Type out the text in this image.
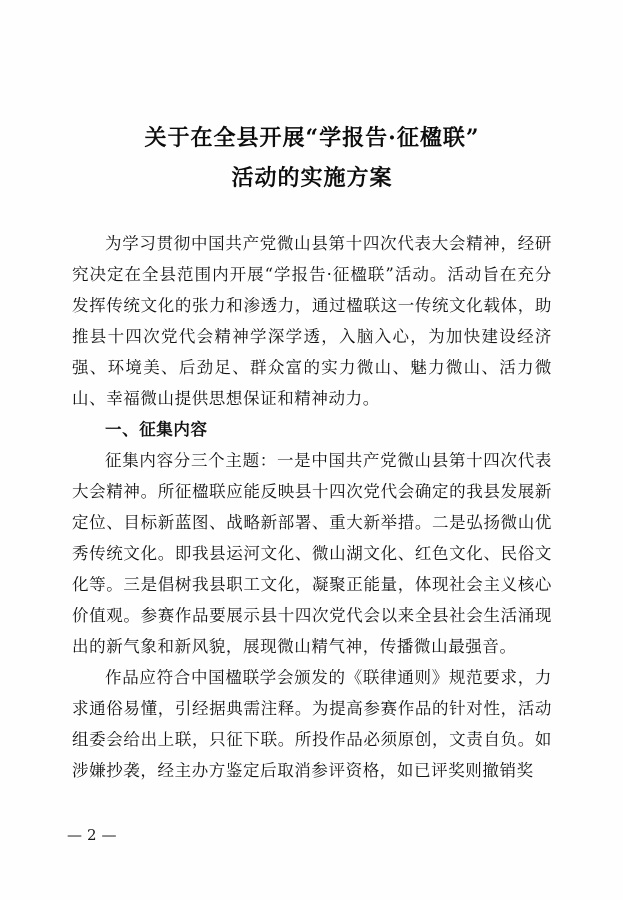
关于在全县开展“学报告·征楹联”
活动的实施方案

为学习贯彻中国共产党微山县第十四次代表大会精神，经研究决定在全县范围内开展“学报告·征楹联”活动。活动旨在充分发挥传统文化的张力和渗透力，通过楹联这一传统文化载体，助推县十四次党代会精神学深学透，入脑入心，为加快建设经济强、环境美、后劲足、群众富的实力微山、魅力微山、活力微山、幸福微山提供思想保证和精神动力。

一、征集内容

征集内容分三个主题：一是中国共产党微山县第十四次代表大会精神。所征楹联应能反映县十四次党代会确定的我县发展新定位、目标新蓝图、战略新部署、重大新举措。二是弘扬微山优秀传统文化。即我县运河文化、微山湖文化、红色文化、民俗文化等。三是倡树我县职工文化，凝聚正能量，体现社会主义核心价值观。参赛作品要展示县十四次党代会以来全县社会生活涌现出的新气象和新风貌，展现微山精气神，传播微山最强音。

作品应符合中国楹联学会颁发的《联律通则》规范要求，力求通俗易懂，引经据典需注释。为提高参赛作品的针对性，活动组委会给出上联，只征下联。所投作品必须原创，文责自负。如涉嫌抄袭，经主办方鉴定后取消参评资格，如已评奖则撤销奖

— 2 —
